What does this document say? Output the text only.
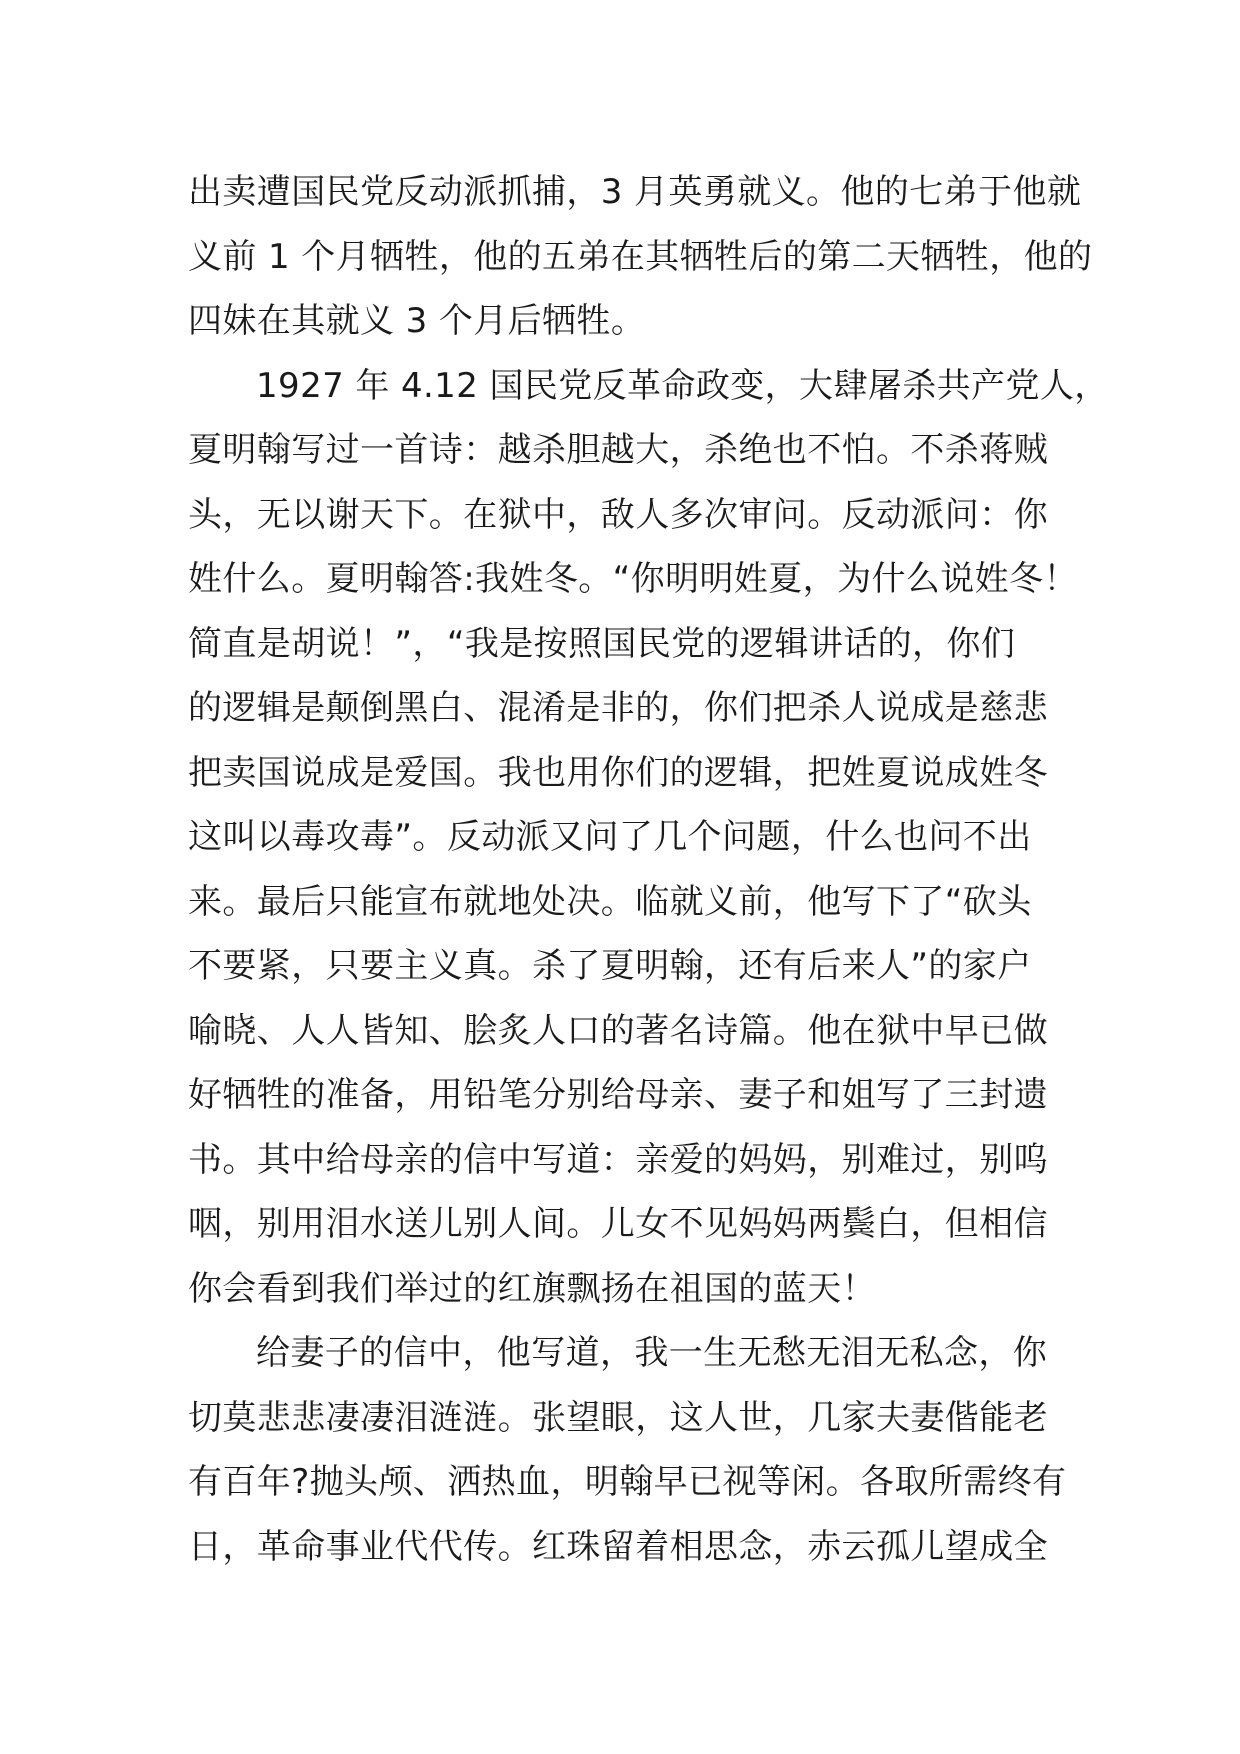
出卖遭国民党反动派抓捕，3 月英勇就义。他的七弟于他就
义前 1 个月牺牲，他的五弟在其牺牲后的第二天牺牲，他的
四妹在其就义 3 个月后牺牲。
1927 年 4.12 国民党反革命政变，大肆屠杀共产党人，
夏明翰写过一首诗：越杀胆越大，杀绝也不怕。不杀蒋贼
头，无以谢天下。在狱中，敌人多次审问。反动派问：你
姓什么。夏明翰答:我姓冬。“你明明姓夏，为什么说姓冬！
简直是胡说！”，“我是按照国民党的逻辑讲话的，你们
的逻辑是颠倒黑白、混淆是非的，你们把杀人说成是慈悲
把卖国说成是爱国。我也用你们的逻辑，把姓夏说成姓冬
这叫以毒攻毒”。反动派又问了几个问题，什么也问不出
来。最后只能宣布就地处决。临就义前，他写下了“砍头
不要紧，只要主义真。杀了夏明翰，还有后来人”的家户
喻晓、人人皆知、脍炙人口的著名诗篇。他在狱中早已做
好牺牲的准备，用铅笔分别给母亲、妻子和姐写了三封遗
书。其中给母亲的信中写道：亲爱的妈妈，别难过，别呜
咽，别用泪水送儿别人间。儿女不见妈妈两鬓白，但相信
你会看到我们举过的红旗飘扬在祖国的蓝天！
给妻子的信中，他写道，我一生无愁无泪无私念，你
切莫悲悲凄凄泪涟涟。张望眼，这人世，几家夫妻偕能老
有百年?抛头颅、洒热血，明翰早已视等闲。各取所需终有
日，革命事业代代传。红珠留着相思念，赤云孤儿望成全
